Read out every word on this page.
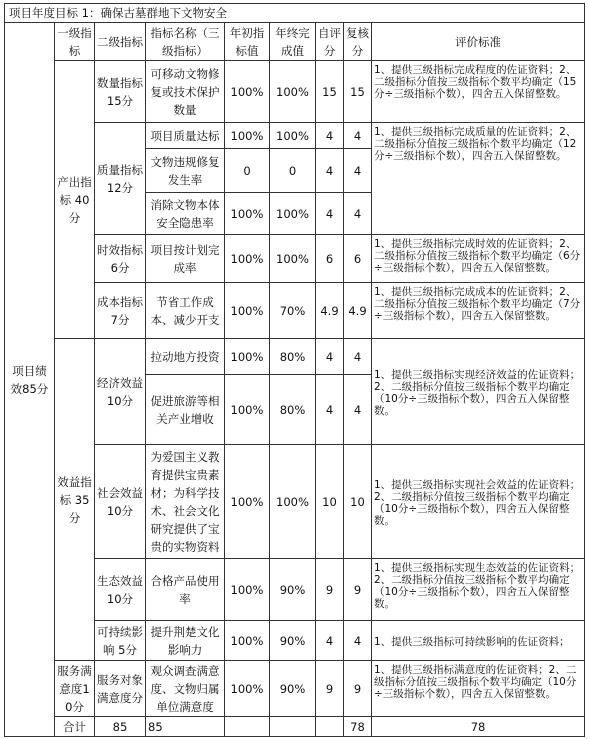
项目年度目标 1：确保古墓群地下文物安全									
项目绩效85分	一级指标	二级指标	指标名称（三级指标）	年初指标值	年终完成值	自评分	复核分	评价标准	
	产出指标 40 分	数量指标 15分	可移动文物修复或技术保护数量	100%	100%	15	15	1、提供三级指标完成程度的佐证资料；2、二级指标分值按三级指标个数平均确定（15分÷三级指标个数），四舍五入保留整数。	
		质量指标 12分	项目质量达标	100%	100%	4	4	1、提供三级指标完成质量的佐证资料；2、二级指标分值按三级指标个数平均确定（12分÷三级指标个数），四舍五入保留整数。	
			文物违规修复发生率	0	0	4	4		
			消除文物本体安全隐患率	100%	100%	4	4		
		时效指标 6分	项目按计划完成率	100%	100%	6	6	1、提供三级指标完成时效的佐证资料；2、二级指标分值按三级指标个数平均确定（6分÷三级指标个数），四舍五入保留整数。	
		成本指标 7分	节省工作成本、减少开支	100%	70%	4.9	4.9	1、提供三级指标完成成本的佐证资料；2、二级指标分值按三级指标个数平均确定（7分÷三级指标个数），四舍五入保留整数。	
	效益指标 35 分	经济效益 10分	拉动地方投资	100%	80%	4	4	1、提供三级指标实现经济效益的佐证资料；2、二级指标分值按三级指标个数平均确定（10分÷三级指标个数），四舍五入保留整数。	
			促进旅游等相关产业增收	100%	80%	4	4		
		社会效益 10分	为爱国主义教育提供宝贵素材；为科学技术、社会文化研究提供了宝贵的实物资料	100%	100%	10	10	1、提供三级指标实现社会效益的佐证资料；2、二级指标分值按三级指标个数平均确定（10分÷三级指标个数），四舍五入保留整数。	
		生态效益 10分	合格产品使用率	100%	90%	9	9	1、提供三级指标实现生态效益的佐证资料；2、二级指标分值按三级指标个数平均确定（10分÷三级指标个数），四舍五入保留整数。	
		可持续影响 5分	提升荆楚文化影响力	100%	90%	4	4	1、提供三级指标可持续影响的佐证资料；	
	服务满意度10分	服务对象满意度分	观众调查满意度、文物归属单位满意度	100%	90%	9	9	1、提供三级指标满意度的佐证资料；2、二级指标分值按三级指标个数平均确定（10分÷三级指标个数），四舍五入保留整数。	
	合计	85	85				78	78	
